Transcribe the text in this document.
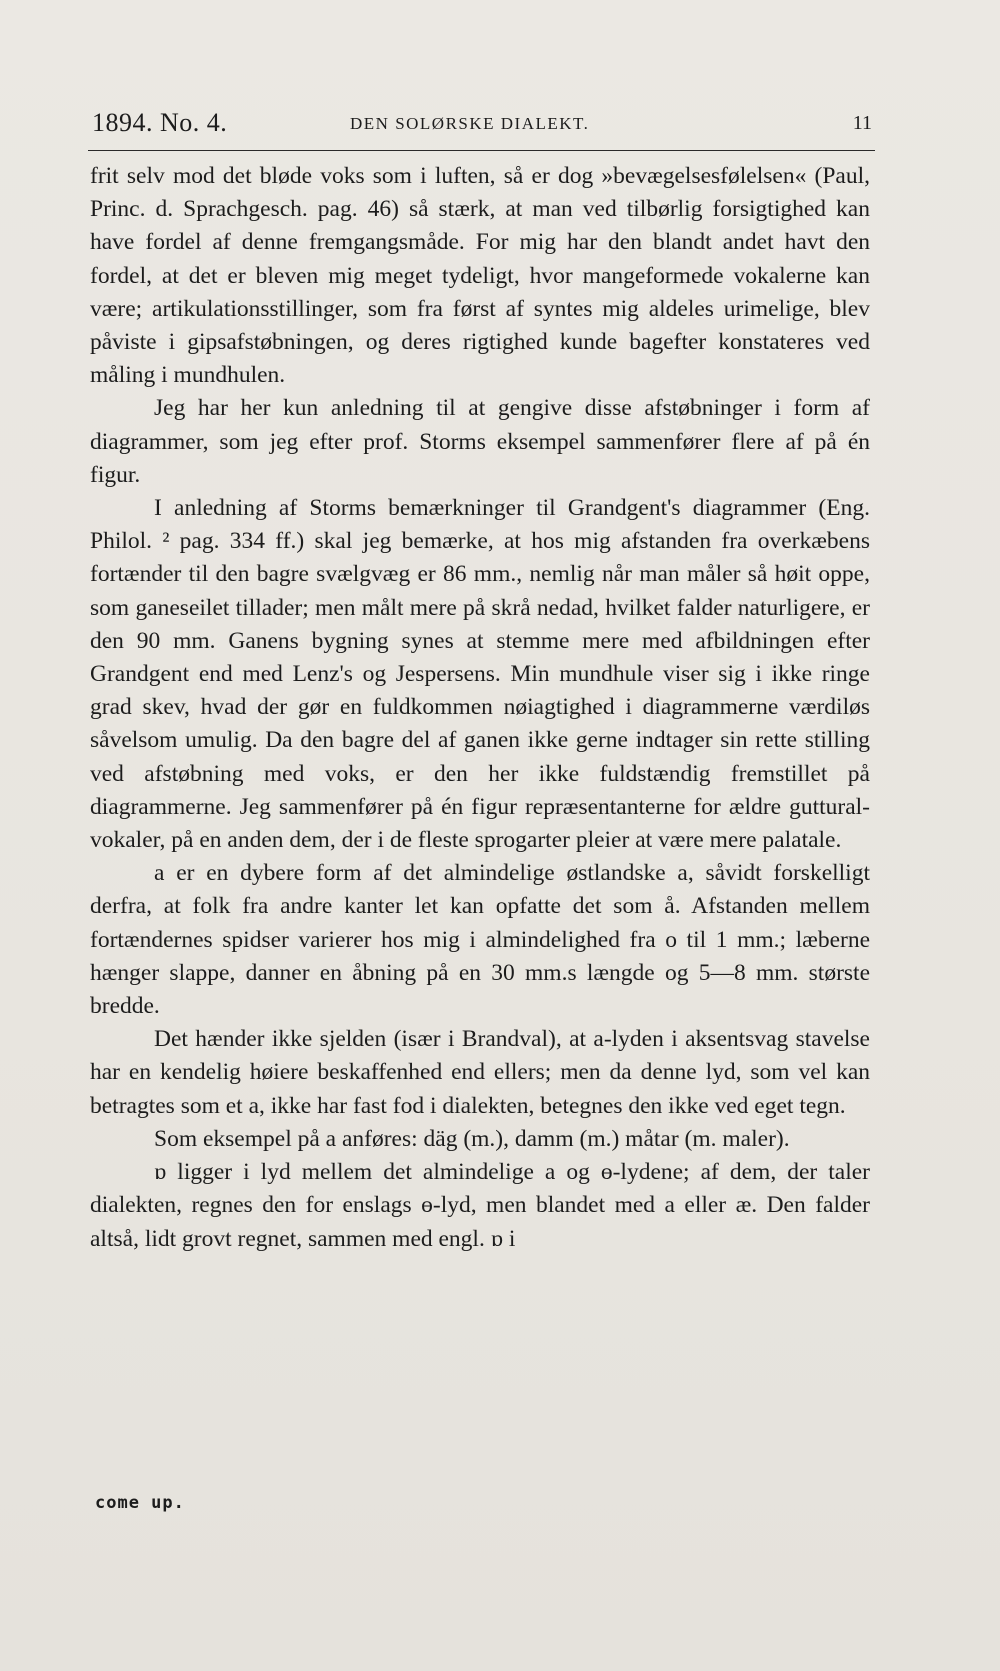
1894. No. 4.	DEN SOLØRSKE DIALEKT.	11

frit selv mod det bløde voks som i luften, så er dog »bevægelsesfølelsen« (Paul, Princ. d. Sprachgesch. pag. 46) så stærk, at man ved tilbørlig forsigtighed kan have fordel af denne fremgangsmåde. For mig har den blandt andet havt den fordel, at det er bleven mig meget tydeligt, hvor mangeformede vokalerne kan være; artikulationsstillinger, som fra først af syntes mig aldeles urimelige, blev påviste i gipsafstøbningen, og deres rigtighed kunde bagefter konstateres ved måling i mundhulen.

Jeg har her kun anledning til at gengive disse afstøbninger i form af diagrammer, som jeg efter prof. Storms eksempel sammenfører flere af på én figur.

I anledning af Storms bemærkninger til Grandgent's diagrammer (Eng. Philol. ² pag. 334 ff.) skal jeg bemærke, at hos mig afstanden fra overkæbens fortænder til den bagre svælgvæg er 86 mm., nemlig når man måler så høit oppe, som ganeseilet tillader; men målt mere på skrå nedad, hvilket falder naturligere, er den 90 mm. Ganens bygning synes at stemme mere med afbildningen efter Grandgent end med Lenz's og Jespersens. Min mundhule viser sig i ikke ringe grad skev, hvad der gør en fuldkommen nøiagtighed i diagrammerne værdiløs såvelsom umulig. Da den bagre del af ganen ikke gerne indtager sin rette stilling ved afstøbning med voks, er den her ikke fuldstændig fremstillet på diagrammerne. Jeg sammenfører på én figur repræsentanterne for ældre guttural-vokaler, på en anden dem, der i de fleste sprogarter pleier at være mere palatale.

a er en dybere form af det almindelige østlandske a, såvidt forskelligt derfra, at folk fra andre kanter let kan opfatte det som å. Afstanden mellem fortændernes spidser varierer hos mig i almindelighed fra o til 1 mm.; læberne hænger slappe, danner en åbning på en 30 mm.s længde og 5—8 mm. største bredde.

Det hænder ikke sjelden (især i Brandval), at a-lyden i aksentsvag stavelse har en kendelig høiere beskaffenhed end ellers; men da denne lyd, som vel kan betragtes som et a, ikke har fast fod i dialekten, betegnes den ikke ved eget tegn.

Som eksempel på a anføres: däg (m.), damm (m.) måtar (m. maler).

ɒ ligger i lyd mellem det almindelige a og ɵ-lydene; af dem, der taler dialekten, regnes den for enslags ɵ-lyd, men blandet med a eller æ. Den falder altså, lidt grovt regnet, sammen med engl. ɒ i

come up.
